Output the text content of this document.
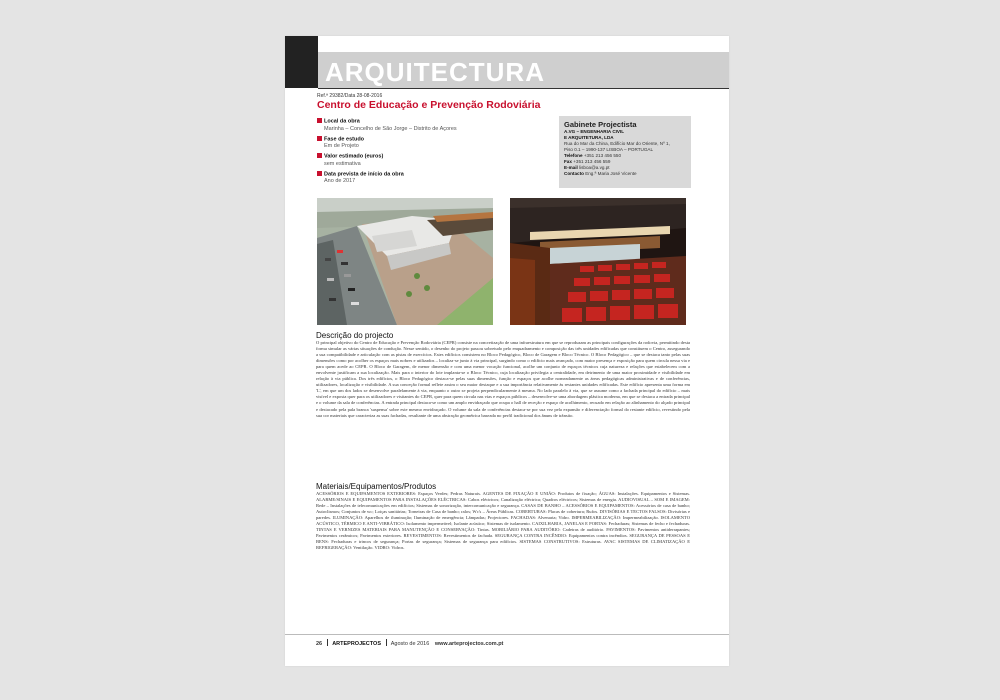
ARQUITECTURA
Ref.ª 29382/Data 28-08-2016
Centro de Educação e Prevenção Rodoviária
Local da obra
Marinha – Concelho de São Jorge – Distrito de Açores
Fase de estudo
Em de Projeto
Valor estimado (euros)
sem estimativa
Data prevista de início da obra
Ano de 2017
Gabinete Projectista
A.VG – ENGENHARIA CIVIL
E ARQUITETURA, LDA
Rua do Mar da China, Edifício Mar do Oriente, Nº 1,
Piso 0.1 – 1990-137 LISBOA – PORTUGAL
Telefone +351 213 456 550
Fax +351 213 456 559
E-mail lisboa@a.vg.pt
Contacto Eng.ª Maria José Vicente
Descrição do projecto
O principal objetivo do Centro de Educação e Prevenção Rodoviária (CEPR) consiste na concretização de uma infraestrutura em que se reproduzam as principais configurações da rodovia, permitindo desta forma simular as várias situações de condução. Nesse sentido, o desenho do projeto passou sobretudo pelo enquadramento e composição das três unidades edificadas que constituem o Centro, assegurando a sua compatibilidade e articulação com as pistas de exercícios. Estes edifícios consistem no Bloco Pedagógico, Bloco de Garagem e Bloco Técnico. O Bloco Pedagógico – que se destaca tanto pelas suas dimensões como por acolher os espaços mais nobres e utilizados – localiza-se junto à via principal, surgindo como o edifício mais avançado, com maior presença e exposição para quem circula nessa via e para quem acede ao CEPR. O Bloco de Garagem, de menor dimensão e com uma menor vocação funcional, acolhe um conjunto de espaços técnicos cuja natureza e relações que estabelecem com a envolvente justificam a sua localização. Mais para o interior do lote implanta-se o Bloco Técnico, cuja localização privilegia a centralidade, em detrimento de uma maior proximidade e visibilidade em relação à via pública. Dos três edifícios, o Bloco Pedagógico destaca-se pelas suas dimensões, função e espaços que acolhe nomeadamente as áreas pedagógicas administrativas e de conferências, utilizadores, localização e visibilidade. A sua conceção formal reflete assim o seu maior destaque e a sua importância relativamente às restantes unidades edificadas. Este edifício apresenta uma forma em 'L', em que um dos lados se desenvolve paralelamente à via, enquanto o outro se projeta perpendicularmente à mesma. No lado paralelo à via, que se assume como a fachada principal do edifício – mais visível e exposta quer para os utilizadores e visitantes do CEPR, quer para quem circula nas vias e espaços públicos – desenvolve-se uma abordagem plástica moderna, em que se destaca a entrada principal e o volume da sala de conferências. A entrada principal destaca-se como um amplo envidraçado que ocupa o hall de receção e espaço de acolhimento, recuado em relação ao alinhamento do alçado principal e destacado pela pala branca 'suspensa' sobre este mesmo envidraçado. O volume da sala de conferências destaca-se por sua vez pela expansão e diferenciação formal do restante edifício, revestindo pela sua cor materiais que caracteriza as suas fachadas, resultante de uma abstração geométrica baseada no perfil tradicional dos ânuns de trânsito.
Materiais/Equipamentos/Produtos
ACESSÓRIOS E EQUIPAMENTOS EXTERIORES: Espaços Verdes; Pedras Naturais. AGENTES DE FIXAÇÃO E UNIÃO: Produtos de fixação; ÁGUAS: Instalações. Equipamentos e Sistemas. ALARME/SINAIS E EQUIPAMENTOS PARA INSTALAÇÕES ELÉCTRICAS: Cabos eléctricos; Canalização eléctrica; Quadros eléctricos; Sistemas de energia. AUDIOVISUAL – SOM E IMAGEM: Rede – Instalações de telecomunicações em edifícios; Sistemas de sonorização, intercomunicação e segurança. CASAS DE BANHO – ACESSÓRIOS E EQUIPAMENTOS: Acessórios de casa de banho; Autoclismos; Conjuntos de wc; Loiças sanitárias; Torneiras de Casa de banho; ralos; Wc's – Áreas Públicas. COBERTURAS: Placas de cobertura; Rufos. DIVISÓRIAS E TECTOS FALSOS: Divisórias e paredes. ILUMINAÇÃO: Aparelhos de iluminação; Iluminação de emergência; Lâmpadas; Projectores. FACHADAS: Alvenaria; Vidro. IMPERMEABILIZAÇÃO: Impermeabilização. ISOLAMENTO ACÚSTICO, TÉRMICO E ANTI-VIBRÁTICO: Isolamento impermeável; Isolante acústico; Sistemas de isolamento. CAIXILHARIA, JANELAS E PORTAS: Fechaduras; Sistemas de fecho e fechaduras. TINTAS E VERNIZES MATERIAIS PARA MANUTENÇÃO E CONSERVAÇÃO: Tintas. MOBILIÁRIO PARA AUDITÓRIO: Cadeiras de auditório. PAVIMENTOS: Pavimentos antiderrapantes; Pavimentos cerâmicos; Pavimentos exteriores. REVESTIMENTOS: Revestimentos de fachada. SEGURANÇA CONTRA INCÊNDIO: Equipamentos contra incêndios. SEGURANÇA DE PESSOAS E BENS: Fechaduras e trincos de segurança; Portas de segurança; Sistemas de segurança para edifícios. SISTEMAS CONSTRUTIVOS: Estruturas. AVAC SISTEMAS DE CLIMATIZAÇÃO E REFRIGERAÇÃO: Ventilação. VIDRO: Vidros.
26 ARTEPROJECTOS Agosto de 2016 www.arteprojectos.com.pt
